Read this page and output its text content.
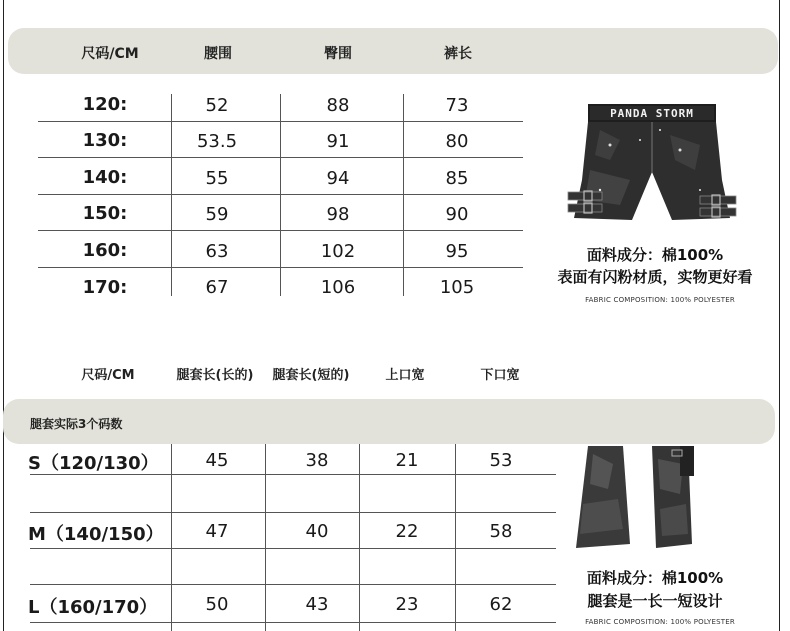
尺码/CM	腰围	臀围	裤长
120:	52	88	73
130:	53.5	91	80
140:	55	94	85
150:	59	98	90
160:	63	102	95
170:	67	106	105
PANDA STORM
面料成分：棉100%
表面有闪粉材质，实物更好看
FABRIC COMPOSITION: 100% POLYESTER
尺码/CM	腿套长(长的)	腿套长(短的)	上口宽	下口宽
腿套实际3个码数
S（120/130）	45	38	21	53
M（140/150）	47	40	22	58
L（160/170）	50	43	23	62
面料成分：棉100%
腿套是一长一短设计
FABRIC COMPOSITION: 100% POLYESTER
